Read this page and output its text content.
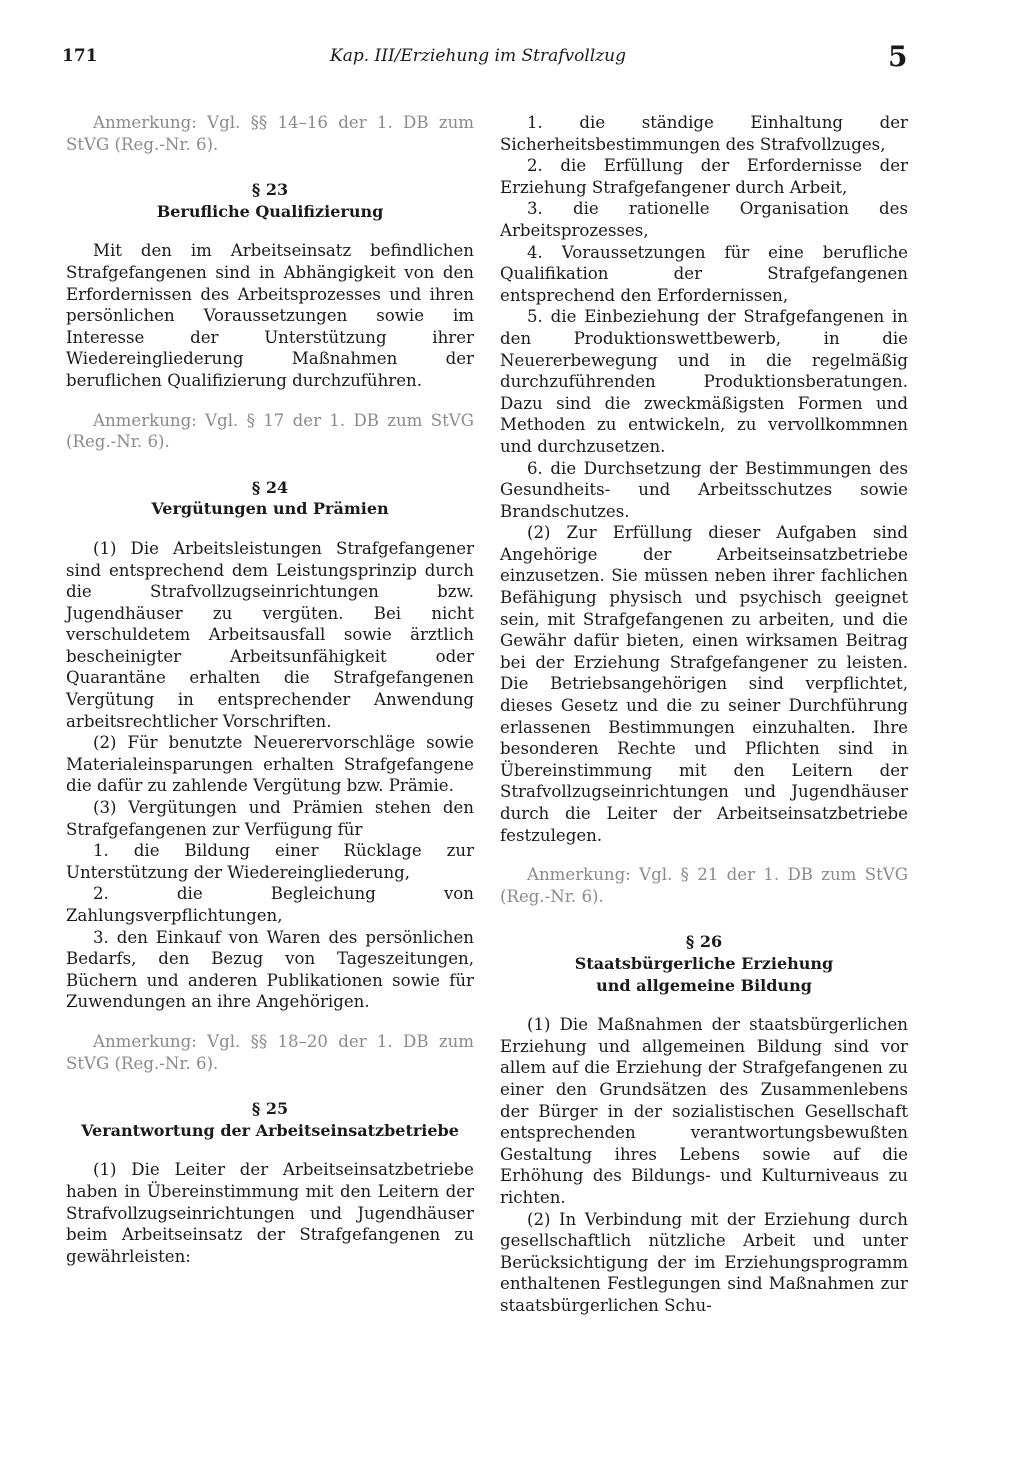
171	Kap. III/Erziehung im Strafvollzug	5

Anmerkung: Vgl. §§ 14–16 der 1. DB zum StVG (Reg.-Nr. 6).

§ 23

Berufliche Qualifizierung

Mit den im Arbeitseinsatz befindlichen Strafgefangenen sind in Abhängigkeit von den Erfordernissen des Arbeitsprozesses und ihren persönlichen Voraussetzungen sowie im Interesse der Unterstützung ihrer Wiedereingliederung Maßnahmen der beruflichen Qualifizierung durchzuführen.

Anmerkung: Vgl. § 17 der 1. DB zum StVG (Reg.-Nr. 6).

§ 24

Vergütungen und Prämien

(1) Die Arbeitsleistungen Strafgefangener sind entsprechend dem Leistungsprinzip durch die Strafvollzugseinrichtungen bzw. Jugendhäuser zu vergüten. Bei nicht verschuldetem Arbeitsausfall sowie ärztlich bescheinigter Arbeitsunfähigkeit oder Quarantäne erhalten die Strafgefangenen Vergütung in entsprechender Anwendung arbeitsrechtlicher Vorschriften.

(2) Für benutzte Neuerervorschläge sowie Materialeinsparungen erhalten Strafgefangene die dafür zu zahlende Vergütung bzw. Prämie.

(3) Vergütungen und Prämien stehen den Strafgefangenen zur Verfügung für

1. die Bildung einer Rücklage zur Unterstützung der Wiedereingliederung,

2. die Begleichung von Zahlungsverpflichtungen,

3. den Einkauf von Waren des persönlichen Bedarfs, den Bezug von Tageszeitungen, Büchern und anderen Publikationen sowie für Zuwendungen an ihre Angehörigen.

Anmerkung: Vgl. §§ 18–20 der 1. DB zum StVG (Reg.-Nr. 6).

§ 25

Verantwortung der Arbeitseinsatzbetriebe

(1) Die Leiter der Arbeitseinsatzbetriebe haben in Übereinstimmung mit den Leitern der Strafvollzugseinrichtungen und Jugendhäuser beim Arbeitseinsatz der Strafgefangenen zu gewährleisten:

1. die ständige Einhaltung der Sicherheitsbestimmungen des Strafvollzuges,

2. die Erfüllung der Erfordernisse der Erziehung Strafgefangener durch Arbeit,

3. die rationelle Organisation des Arbeitsprozesses,

4. Voraussetzungen für eine berufliche Qualifikation der Strafgefangenen entsprechend den Erfordernissen,

5. die Einbeziehung der Strafgefangenen in den Produktionswettbewerb, in die Neuererbewegung und in die regelmäßig durchzuführenden Produktionsberatungen. Dazu sind die zweckmäßigsten Formen und Methoden zu entwickeln, zu vervollkommnen und durchzusetzen.

6. die Durchsetzung der Bestimmungen des Gesundheits- und Arbeitsschutzes sowie Brandschutzes.

(2) Zur Erfüllung dieser Aufgaben sind Angehörige der Arbeitseinsatzbetriebe einzusetzen. Sie müssen neben ihrer fachlichen Befähigung physisch und psychisch geeignet sein, mit Strafgefangenen zu arbeiten, und die Gewähr dafür bieten, einen wirksamen Beitrag bei der Erziehung Strafgefangener zu leisten. Die Betriebsangehörigen sind verpflichtet, dieses Gesetz und die zu seiner Durchführung erlassenen Bestimmungen einzuhalten. Ihre besonderen Rechte und Pflichten sind in Übereinstimmung mit den Leitern der Strafvollzugseinrichtungen und Jugendhäuser durch die Leiter der Arbeitseinsatzbetriebe festzulegen.

Anmerkung: Vgl. § 21 der 1. DB zum StVG (Reg.-Nr. 6).

§ 26

Staatsbürgerliche Erziehung

und allgemeine Bildung

(1) Die Maßnahmen der staatsbürgerlichen Erziehung und allgemeinen Bildung sind vor allem auf die Erziehung der Strafgefangenen zu einer den Grundsätzen des Zusammenlebens der Bürger in der sozialistischen Gesellschaft entsprechenden verantwortungsbewußten Gestaltung ihres Lebens sowie auf die Erhöhung des Bildungs- und Kulturniveaus zu richten.

(2) In Verbindung mit der Erziehung durch gesellschaftlich nützliche Arbeit und unter Berücksichtigung der im Erziehungsprogramm enthaltenen Festlegungen sind Maßnahmen zur staatsbürgerlichen Schu-
